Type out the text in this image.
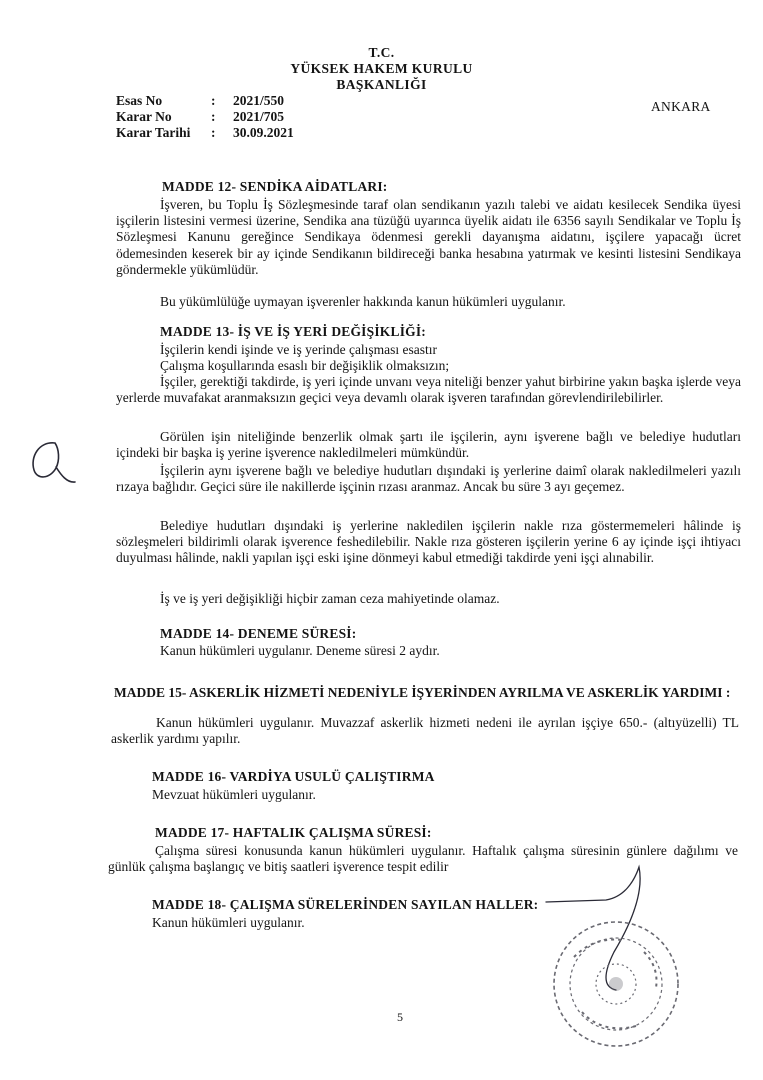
T.C.
YÜKSEK HAKEM KURULU
BAŞKANLIĞI
Esas No	:	2021/550
Karar No	:	2021/705
Karar Tarihi	:	30.09.2021
ANKARA
MADDE 12- SENDİKA AİDATLARI:
İşveren, bu Toplu İş Sözleşmesinde taraf olan sendikanın yazılı talebi ve aidatı kesilecek Sendika üyesi işçilerin listesini vermesi üzerine, Sendika ana tüzüğü uyarınca üyelik aidatı ile 6356 sayılı Sendikalar ve Toplu İş Sözleşmesi Kanunu gereğince Sendikaya ödenmesi gerekli dayanışma aidatını, işçilere yapacağı ücret ödemesinden keserek bir ay içinde Sendikanın bildireceği banka hesabına yatırmak ve kesinti listesini Sendikaya göndermekle yükümlüdür.
Bu yükümlülüğe uymayan işverenler hakkında kanun hükümleri uygulanır.
MADDE 13- İŞ VE İŞ YERİ DEĞİŞİKLİĞİ:
İşçilerin kendi işinde ve iş yerinde çalışması esastır
Çalışma koşullarında esaslı bir değişiklik olmaksızın;
İşçiler, gerektiği takdirde, iş yeri içinde unvanı veya niteliği benzer yahut birbirine yakın başka işlerde veya yerlerde muvafakat aranmaksızın geçici veya devamlı olarak işveren tarafından görevlendirilebilirler.
Görülen işin niteliğinde benzerlik olmak şartı ile işçilerin, aynı işverene bağlı ve belediye hudutları içindeki bir başka iş yerine işverence nakledilmeleri mümkündür.
İşçilerin aynı işverene bağlı ve belediye hudutları dışındaki iş yerlerine daimî olarak nakledilmeleri yazılı rızaya bağlıdır. Geçici süre ile nakillerde işçinin rızası aranmaz. Ancak bu süre 3 ayı geçemez.
Belediye hudutları dışındaki iş yerlerine nakledilen işçilerin nakle rıza göstermemeleri hâlinde iş sözleşmeleri bildirimli olarak işverence feshedilebilir. Nakle rıza gösteren işçilerin yerine 6 ay içinde işçi ihtiyacı duyulması hâlinde, nakli yapılan işçi eski işine dönmeyi kabul etmediği takdirde yeni işçi alınabilir.
İş ve iş yeri değişikliği hiçbir zaman ceza mahiyetinde olamaz.
MADDE 14- DENEME SÜRESİ:
Kanun hükümleri uygulanır. Deneme süresi 2 aydır.
MADDE 15- ASKERLİK HİZMETİ NEDENİYLE İŞYERİNDEN AYRILMA VE ASKERLİK YARDIMI :
Kanun hükümleri uygulanır. Muvazzaf askerlik hizmeti nedeni ile ayrılan işçiye 650.- (altıyüzelli) TL askerlik yardımı yapılır.
MADDE 16- VARDİYA USULÜ ÇALIŞTIRMA
Mevzuat hükümleri uygulanır.
MADDE 17- HAFTALIK ÇALIŞMA SÜRESİ:
Çalışma süresi konusunda kanun hükümleri uygulanır. Haftalık çalışma süresinin günlere dağılımı ve günlük çalışma başlangıç ve bitiş saatleri işverence tespit edilir
MADDE 18- ÇALIŞMA SÜRELERİNDEN SAYILAN HALLER:
Kanun hükümleri uygulanır.
5
